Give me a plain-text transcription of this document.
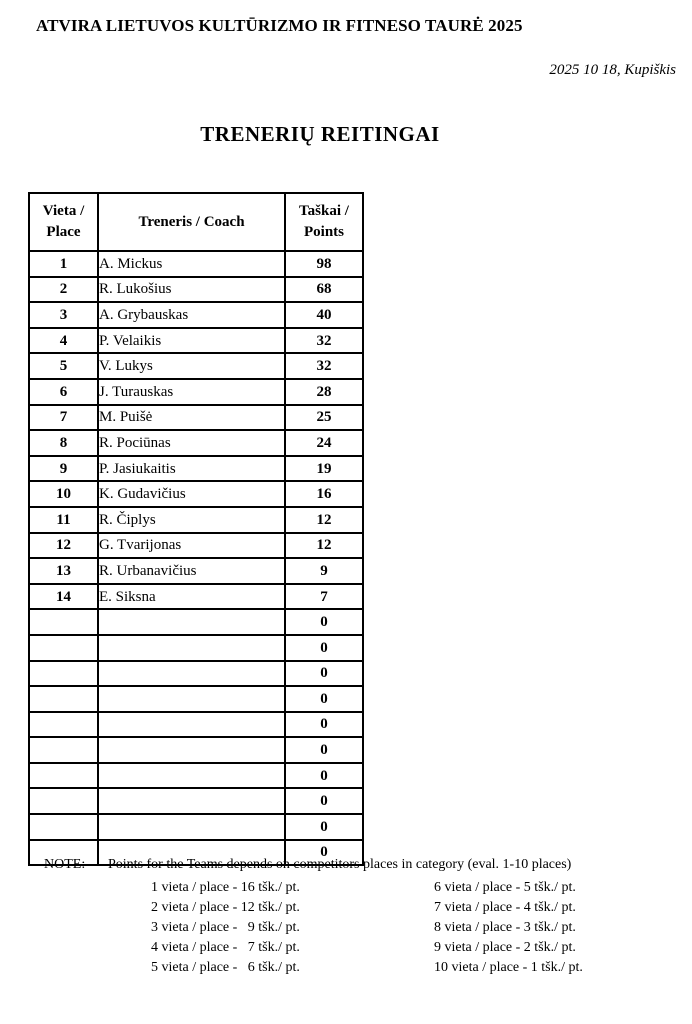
ATVIRA LIETUVOS KULTŪRIZMO IR FITNESO TAURĖ 2025
2025 10 18, Kupiškis
TRENERIŲ REITINGAI
Vieta /
Place	Treneris / Coach	Taškai /
Points

1	A. Mickus	98
2	R. Lukošius	68
3	A. Grybauskas	40
4	P. Velaikis	32
5	V. Lukys	32
6	J. Turauskas	28
7	M. Puišė	25
8	R. Pociūnas	24
9	P. Jasiukaitis	19
10	K. Gudavičius	16
11	R. Čiplys	12
12	G. Tvarijonas	12
13	R. Urbanavičius	9
14	E. Siksna	7
		0
		0
		0
		0
		0
		0
		0
		0
		0
		0
NOTE: Points for the Teams depends on competitors places in category (eval. 1-10 places)
1 vieta / place - 16 tšk./ pt.
2 vieta / place - 12 tšk./ pt.
3 vieta / place -   9 tšk./ pt.
4 vieta / place -   7 tšk./ pt.
5 vieta / place -   6 tšk./ pt.
6 vieta / place - 5 tšk./ pt.
7 vieta / place - 4 tšk./ pt.
8 vieta / place - 3 tšk./ pt.
9 vieta / place - 2 tšk./ pt.
10 vieta / place - 1 tšk./ pt.
